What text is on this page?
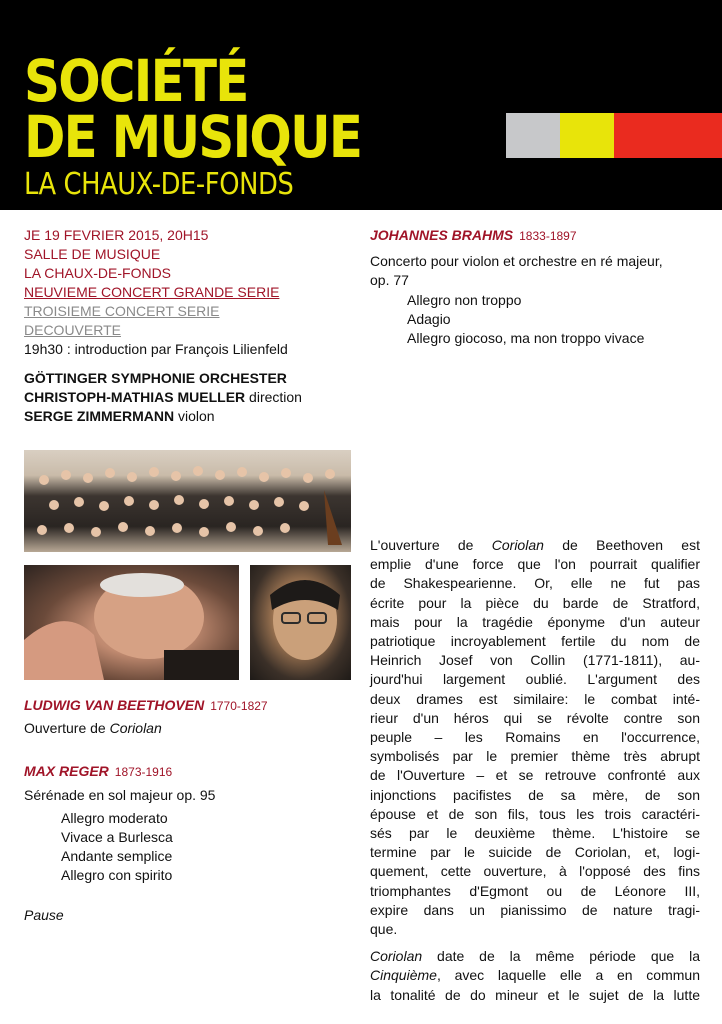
SOCIÉTÉ
DE MUSIQUE
LA CHAUX-DE-FONDS
JE 19 FEVRIER 2015, 20H15
SALLE DE MUSIQUE
LA CHAUX-DE-FONDS
NEUVIEME CONCERT GRANDE SERIE
TROISIEME CONCERT SERIE
DECOUVERTE
19h30 : introduction par François Lilienfeld
GÖTTINGER SYMPHONIE ORCHESTER
CHRISTOPH-MATHIAS MUELLER direction
SERGE ZIMMERMANN violon
LUDWIG VAN BEETHOVEN 1770-1827
Ouverture de Coriolan
MAX REGER 1873-1916
Sérénade en sol majeur op. 95
Allegro moderato
Vivace a Burlesca
Andante semplice
Allegro con spirito
Pause
JOHANNES BRAHMS 1833-1897
Concerto pour violon et orchestre en ré majeur,
op. 77
Allegro non troppo
Adagio
Allegro giocoso, ma non troppo vivace
L'ouverture de Coriolan de Beethoven est
emplie d'une force que l'on pourrait qualifier
de Shakespearienne. Or, elle ne fut pas
écrite pour la pièce du barde de Stratford,
mais pour la tragédie éponyme d'un auteur
patriotique incroyablement fertile du nom de
Heinrich Josef von Collin (1771-1811), au-
jourd'hui largement oublié. L'argument des
deux drames est similaire: le combat inté-
rieur d'un héros qui se révolte contre son
peuple – les Romains en l'occurrence,
symbolisés par le premier thème très abrupt
de l'Ouverture – et se retrouve confronté aux
injonctions pacifistes de sa mère, de son
épouse et de son fils, tous les trois caractéri-
sés par le deuxième thème. L'histoire se
termine par le suicide de Coriolan, et, logi-
quement, cette ouverture, à l'opposé des fins
triomphantes d'Egmont ou de Léonore III,
expire dans un pianissimo de nature tragi-
que.
Coriolan date de la même période que la
Cinquième, avec laquelle elle a en commun
la tonalité de do mineur et le sujet de la lutte
